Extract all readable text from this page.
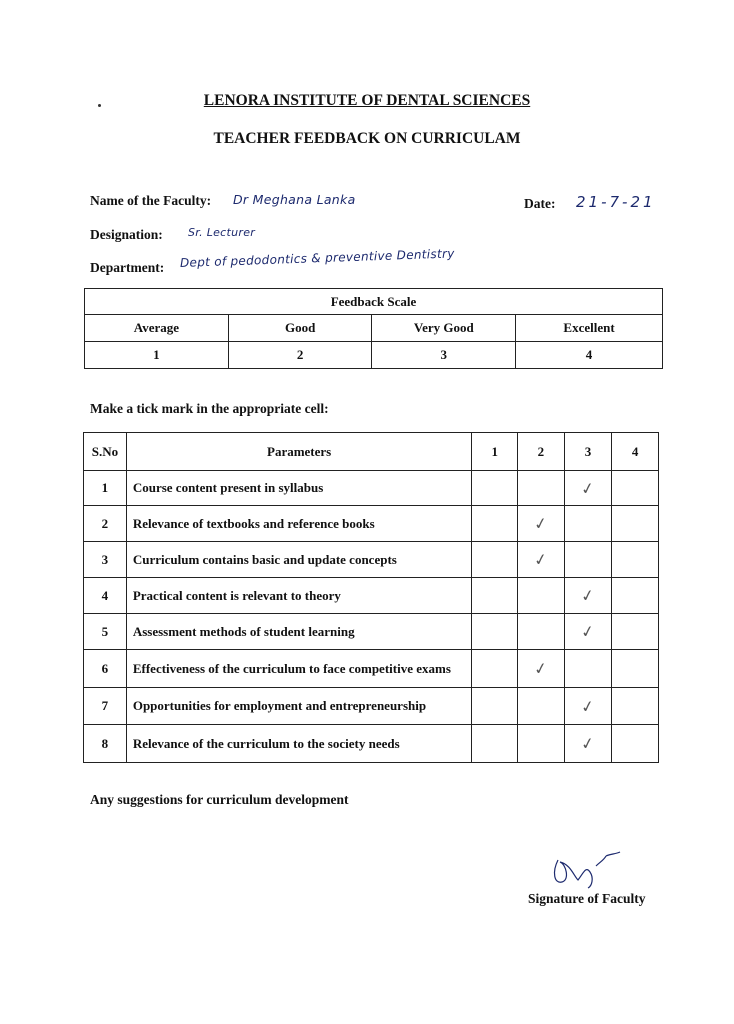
LENORA INSTITUTE OF DENTAL SCIENCES
TEACHER FEEDBACK ON CURRICULAM
Name of the Faculty: Dr Meghana Lanka	Date: 21-7-21
Designation: Sr. Lecturer
Department: Dept of pedodontics & preventive Dentistry
Feedback Scale			
Average	Good	Very Good	Excellent
1	2	3	4
Make a tick mark in the appropriate cell:
S.No	Parameters	1	2	3	4
1	Course content present in syllabus			✓	
2	Relevance of textbooks and reference books		✓		
3	Curriculum contains basic and update concepts		✓		
4	Practical content is relevant to theory			✓	
5	Assessment methods of student learning			✓	
6	Effectiveness of the curriculum to face competitive exams		✓		
7	Opportunities for employment and entrepreneurship			✓	
8	Relevance of the curriculum to the society needs			✓	
Any suggestions for curriculum development
Signature of Faculty
